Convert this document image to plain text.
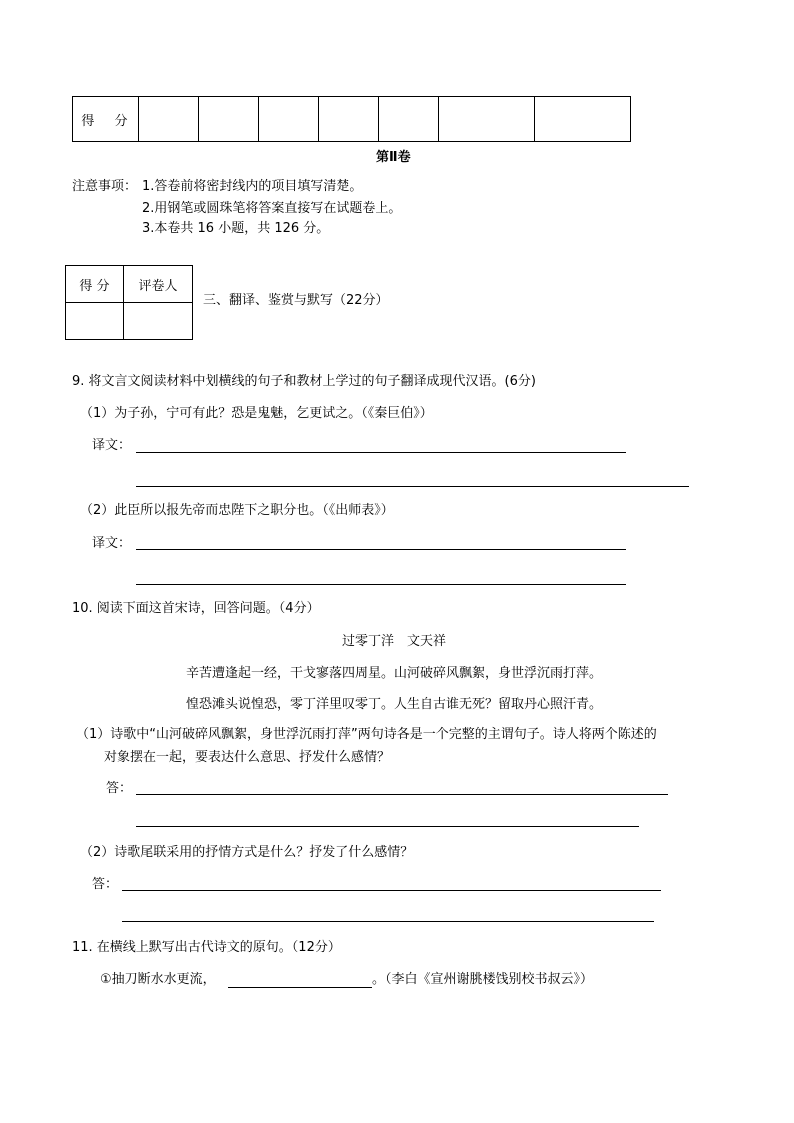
得 分							
第Ⅱ卷
注意事项： 1.答卷前将密封线内的项目填写清楚。
2.用钢笔或圆珠笔将答案直接写在试题卷上。
3.本卷共 16 小题，共 126 分。
得 分	评卷人

三、翻译、鉴赏与默写（22分）
9. 将文言文阅读材料中划横线的句子和教材上学过的句子翻译成现代汉语。(6分)
（1）为子孙，宁可有此？恐是鬼魅，乞更试之。（《秦巨伯》）
译文：
（2）此臣所以报先帝而忠陛下之职分也。（《出师表》）
译文：
10. 阅读下面这首宋诗，回答问题。（4分）
过零丁洋　文天祥
辛苦遭逢起一经，干戈寥落四周星。山河破碎风飘絮，身世浮沉雨打萍。
惶恐滩头说惶恐，零丁洋里叹零丁。人生自古谁无死？留取丹心照汗青。
（1）诗歌中“山河破碎风飘絮，身世浮沉雨打萍”两句诗各是一个完整的主谓句子。诗人将两个陈述的
对象摆在一起，要表达什么意思、抒发什么感情？
答：
（2）诗歌尾联采用的抒情方式是什么？抒发了什么感情？
答：
11. 在横线上默写出古代诗文的原句。（12分）
①抽刀断水水更流，	。（李白《宣州谢朓楼饯别校书叔云》）
